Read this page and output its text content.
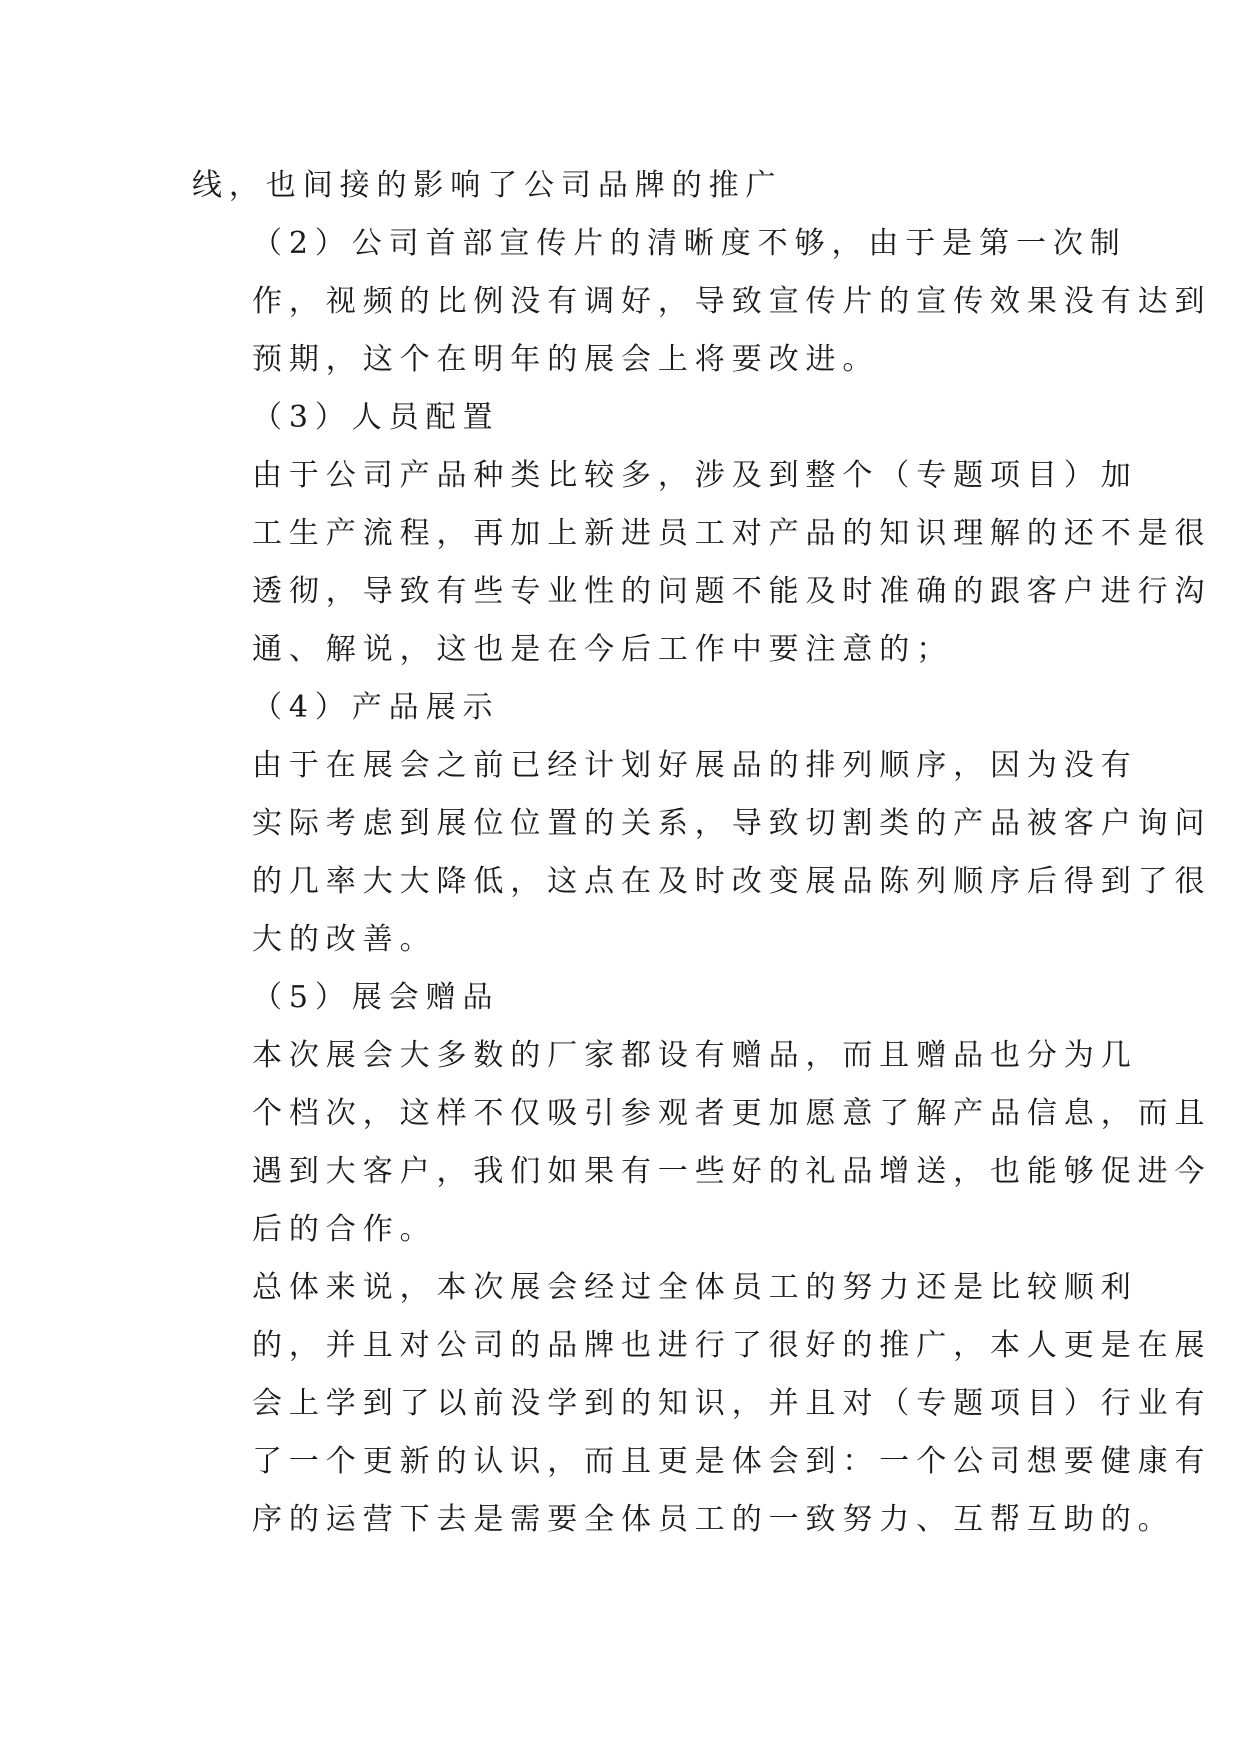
线，也间接的影响了公司品牌的推广

（2）公司首部宣传片的清晰度不够，由于是第一次制
作，视频的比例没有调好，导致宣传片的宣传效果没有达到
预期，这个在明年的展会上将要改进。

（3）人员配置

由于公司产品种类比较多，涉及到整个（专题项目）加
工生产流程，再加上新进员工对产品的知识理解的还不是很
透彻，导致有些专业性的问题不能及时准确的跟客户进行沟
通、解说，这也是在今后工作中要注意的；

（4）产品展示

由于在展会之前已经计划好展品的排列顺序，因为没有
实际考虑到展位位置的关系，导致切割类的产品被客户询问
的几率大大降低，这点在及时改变展品陈列顺序后得到了很
大的改善。

（5）展会赠品

本次展会大多数的厂家都设有赠品，而且赠品也分为几
个档次，这样不仅吸引参观者更加愿意了解产品信息，而且
遇到大客户，我们如果有一些好的礼品增送，也能够促进今
后的合作。

总体来说，本次展会经过全体员工的努力还是比较顺利
的，并且对公司的品牌也进行了很好的推广，本人更是在展
会上学到了以前没学到的知识，并且对（专题项目）行业有
了一个更新的认识，而且更是体会到：一个公司想要健康有
序的运营下去是需要全体员工的一致努力、互帮互助的。
